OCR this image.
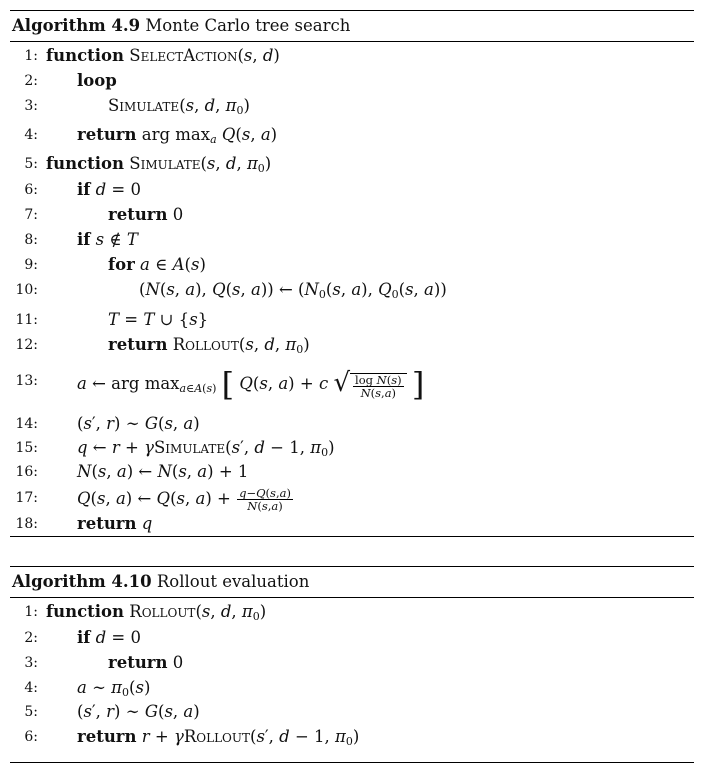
Algorithm 4.9 Monte Carlo tree search
1: function SelectAction(s, d)
2: loop
3:	Simulate(s, d, $\pi_0$)
4: return arg $\max_a Q(s$, a)
5: function Simulate(s, d, $\pi_0$)
6: if d = 0
7:	return 0
8: if s ∉ T
9:	for a ∈ A(s)
10:	(N(s, a), Q(s, a)) ← ($N_0(s$, a), $Q_0(s$, a))
11:	T = T ∪ {s}
12:	return Rollout(s, d, $\pi_0$)
13: a ← arg $\max_{a\in A(s)}$ [ Q(s, a) + c √ $\frac{\text{log N(s)}}{N(s,a)}$ ]
14: (s′, r) ∼ G(s, a)
15: q ← r + γSimulate(s′, d − 1, $\pi_0$)
16: N(s, a) ← N(s, a) + 1
17: Q(s, a) ← Q(s, $a) + \frac{q-Q(s,a)}{N(s,a)}$
18: return q
Algorithm 4.10 Rollout evaluation
1: function Rollout(s, d, $\pi_0$)
2: if d = 0
3:	return 0
4: a ∼ $\pi_0(s)$
5: (s′, r) ∼ G(s, a)
6: return r + γRollout(s′, d − 1, $\pi_0$)
